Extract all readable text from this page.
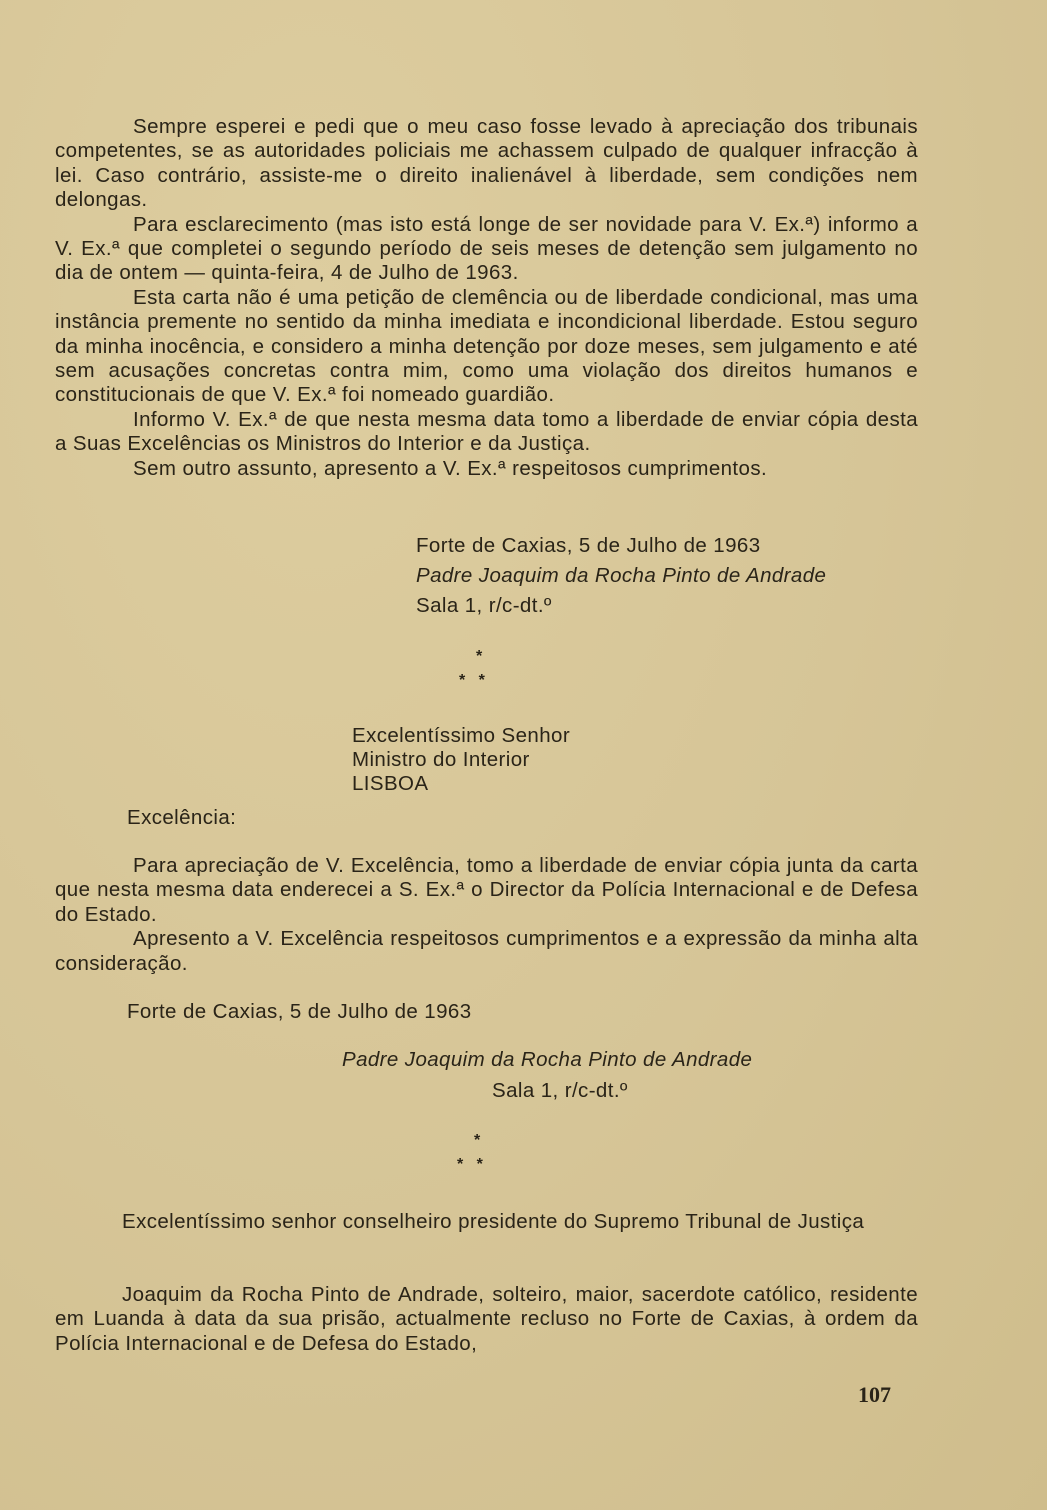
Sempre esperei e pedi que o meu caso fosse levado à apreciação dos tribunais competentes, se as autoridades policiais me achassem culpado de qualquer infracção à lei. Caso contrário, assiste-me o direito inalienável à liberdade, sem condições nem delongas.

Para esclarecimento (mas isto está longe de ser novidade para V. Ex.ª) informo a V. Ex.ª que completei o segundo período de seis meses de detenção sem julgamento no dia de ontem — quinta-feira, 4 de Julho de 1963.

Esta carta não é uma petição de clemência ou de liberdade condicional, mas uma instância premente no sentido da minha imediata e incondicional liberdade. Estou seguro da minha inocência, e considero a minha detenção por doze meses, sem julgamento e até sem acusações concretas contra mim, como uma violação dos direitos humanos e constitucionais de que V. Ex.ª foi nomeado guardião.

Informo V. Ex.ª de que nesta mesma data tomo a liberdade de enviar cópia desta a Suas Excelências os Ministros do Interior e da Justiça.

Sem outro assunto, apresento a V. Ex.ª respeitosos cumprimentos.

Forte de Caxias, 5 de Julho de 1963
Padre Joaquim da Rocha Pinto de Andrade
Sala 1, r/c-dt.º
*
*   *
Excelentíssimo Senhor
Ministro do Interior
LISBOA
Excelência:

Para apreciação de V. Excelência, tomo a liberdade de enviar cópia junta da carta que nesta mesma data enderecei a S. Ex.ª o Director da Polícia Internacional e de Defesa do Estado.

Apresento a V. Excelência respeitosos cumprimentos e a expressão da minha alta consideração.

Forte de Caxias, 5 de Julho de 1963
Padre Joaquim da Rocha Pinto de Andrade
Sala 1, r/c-dt.º
*
*   *

Excelentíssimo senhor conselheiro presidente do Supremo Tribunal de Justiça

Joaquim da Rocha Pinto de Andrade, solteiro, maior, sacerdote católico, residente em Luanda à data da sua prisão, actualmente recluso no Forte de Caxias, à ordem da Polícia Internacional e de Defesa do Estado,

107
